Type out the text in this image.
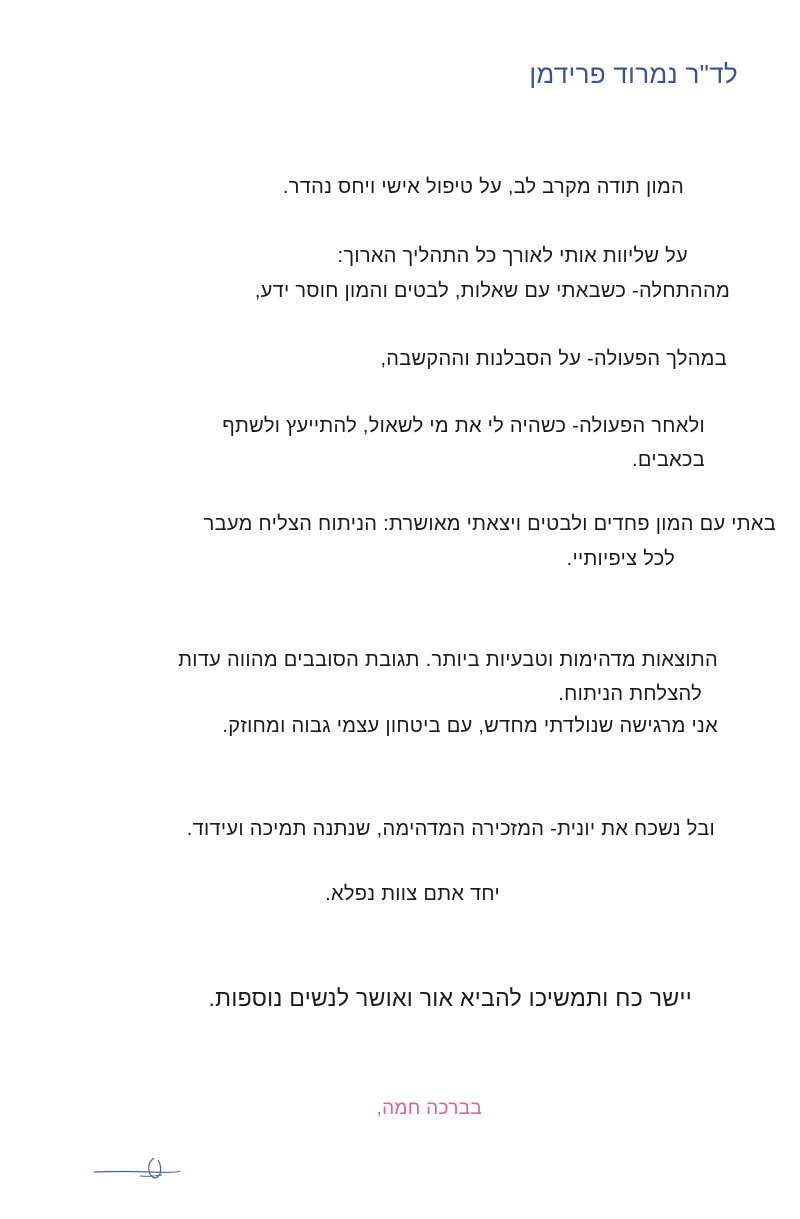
לד"ר נמרוד פרידמן
המון תודה מקרב לב, על טיפול אישי ויחס נהדר.
על שליוות אותי לאורך כל התהליך הארוך:
מההתחלה- כשבאתי עם שאלות, לבטים והמון חוסר ידע,
במהלך הפעולה- על הסבלנות וההקשבה,
ולאחר הפעולה- כשהיה לי את מי לשאול, להתייעץ ולשתף
בכאבים.
באתי עם המון פחדים ולבטים ויצאתי מאושרת: הניתוח הצליח מעבר
לכל ציפיותיי.
התוצאות מדהימות וטבעיות ביותר. תגובת הסובבים מהווה עדות
להצלחת הניתוח.
אני מרגישה שנולדתי מחדש, עם ביטחון עצמי גבוה ומחוזק.
ובל נשכח את יונית- המזכירה המדהימה, שנתנה תמיכה ועידוד.
יחד אתם צוות נפלא.
יישר כח ותמשיכו להביא אור ואושר לנשים נוספות.
בברכה חמה,
